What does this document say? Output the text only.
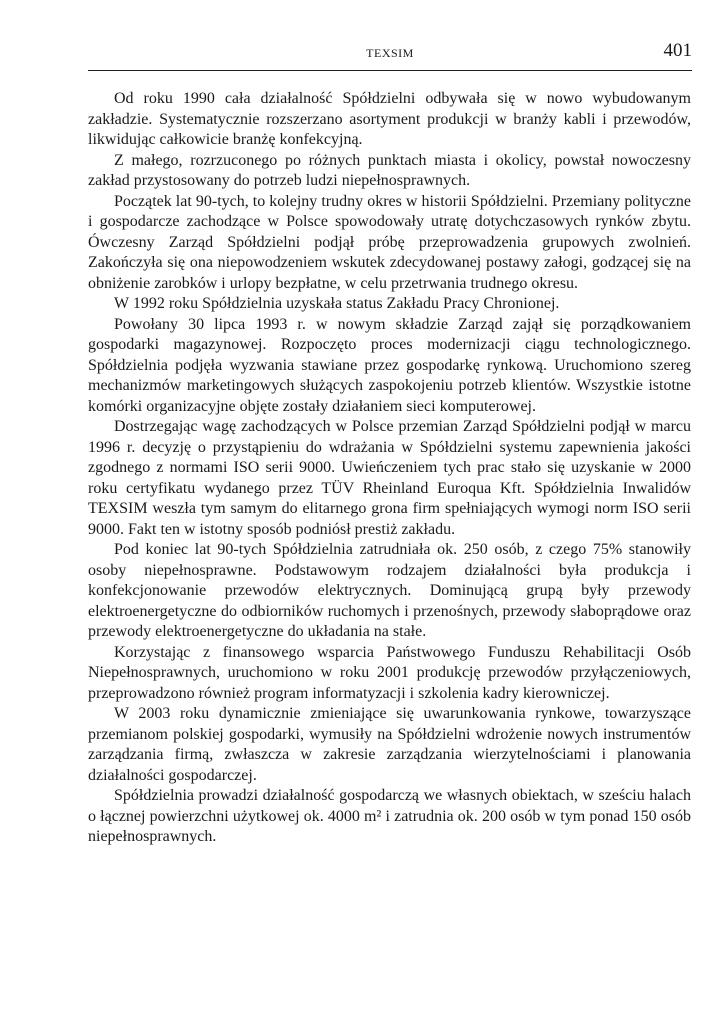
TEXSIM	401

Od roku 1990 cała działalność Spółdzielni odbywała się w nowo wybudowanym zakładzie. Systematycznie rozszerzano asortyment produkcji w branży kabli i przewodów, likwidując całkowicie branżę konfekcyjną.

Z małego, rozrzuconego po różnych punktach miasta i okolicy, powstał nowoczesny zakład przystosowany do potrzeb ludzi niepełnosprawnych.

Początek lat 90-tych, to kolejny trudny okres w historii Spółdzielni. Przemiany polityczne i gospodarcze zachodzące w Polsce spowodowały utratę dotychczasowych rynków zbytu. Ówczesny Zarząd Spółdzielni podjął próbę przeprowadzenia grupowych zwolnień. Zakończyła się ona niepowodzeniem wskutek zdecydowanej postawy załogi, godzącej się na obniżenie zarobków i urlopy bezpłatne, w celu przetrwania trudnego okresu.

W 1992 roku Spółdzielnia uzyskała status Zakładu Pracy Chronionej.

Powołany 30 lipca 1993 r. w nowym składzie Zarząd zajął się porządkowaniem gospodarki magazynowej. Rozpoczęto proces modernizacji ciągu technologicznego. Spółdzielnia podjęła wyzwania stawiane przez gospodarkę rynkową. Uruchomiono szereg mechanizmów marketingowych służących zaspokojeniu potrzeb klientów. Wszystkie istotne komórki organizacyjne objęte zostały działaniem sieci komputerowej.

Dostrzegając wagę zachodzących w Polsce przemian Zarząd Spółdzielni podjął w marcu 1996 r. decyzję o przystąpieniu do wdrażania w Spółdzielni systemu zapewnienia jakości zgodnego z normami ISO serii 9000. Uwieńczeniem tych prac stało się uzyskanie w 2000 roku certyfikatu wydanego przez TÜV Rheinland Euroqua Kft. Spółdzielnia Inwalidów TEXSIM weszła tym samym do elitarnego grona firm spełniających wymogi norm ISO serii 9000. Fakt ten w istotny sposób podniósł prestiż zakładu.

Pod koniec lat 90-tych Spółdzielnia zatrudniała ok. 250 osób, z czego 75% stanowiły osoby niepełnosprawne. Podstawowym rodzajem działalności była produkcja i konfekcjonowanie przewodów elektrycznych. Dominującą grupą były przewody elektroenergetyczne do odbiorników ruchomych i przenośnych, przewody słaboprądowe oraz przewody elektroenergetyczne do układania na stałe.

Korzystając z finansowego wsparcia Państwowego Funduszu Rehabilitacji Osób Niepełnosprawnych, uruchomiono w roku 2001 produkcję przewodów przyłączeniowych, przeprowadzono również program informatyzacji i szkolenia kadry kierowniczej.

W 2003 roku dynamicznie zmieniające się uwarunkowania rynkowe, towarzyszące przemianom polskiej gospodarki, wymusiły na Spółdzielni wdrożenie nowych instrumentów zarządzania firmą, zwłaszcza w zakresie zarządzania wierzytelnościami i planowania działalności gospodarczej.

Spółdzielnia prowadzi działalność gospodarczą we własnych obiektach, w sześciu halach o łącznej powierzchni użytkowej ok. 4000 m² i zatrudnia ok. 200 osób w tym ponad 150 osób niepełnosprawnych.
